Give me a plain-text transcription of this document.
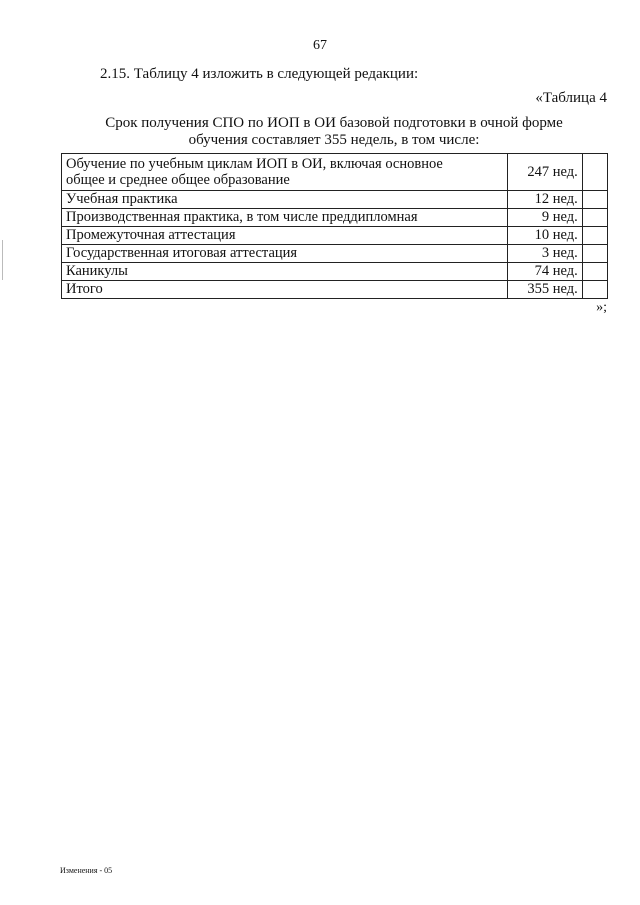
67
2.15. Таблицу 4 изложить в следующей редакции:
«Таблица 4
Срок получения СПО по ИОП в ОИ базовой подготовки в очной форме
обучения составляет 355 недель, в том числе:
Обучение по учебным циклам ИОП в ОИ, включая основное
общее и среднее общее образование	247 нед.	
Учебная практика	12 нед.	
Производственная практика, в том числе преддипломная	9 нед.	
Промежуточная аттестация	10 нед.	
Государственная итоговая аттестация	3 нед.	
Каникулы	74 нед.	
Итого	355 нед.	
»;
Изменения - 05
